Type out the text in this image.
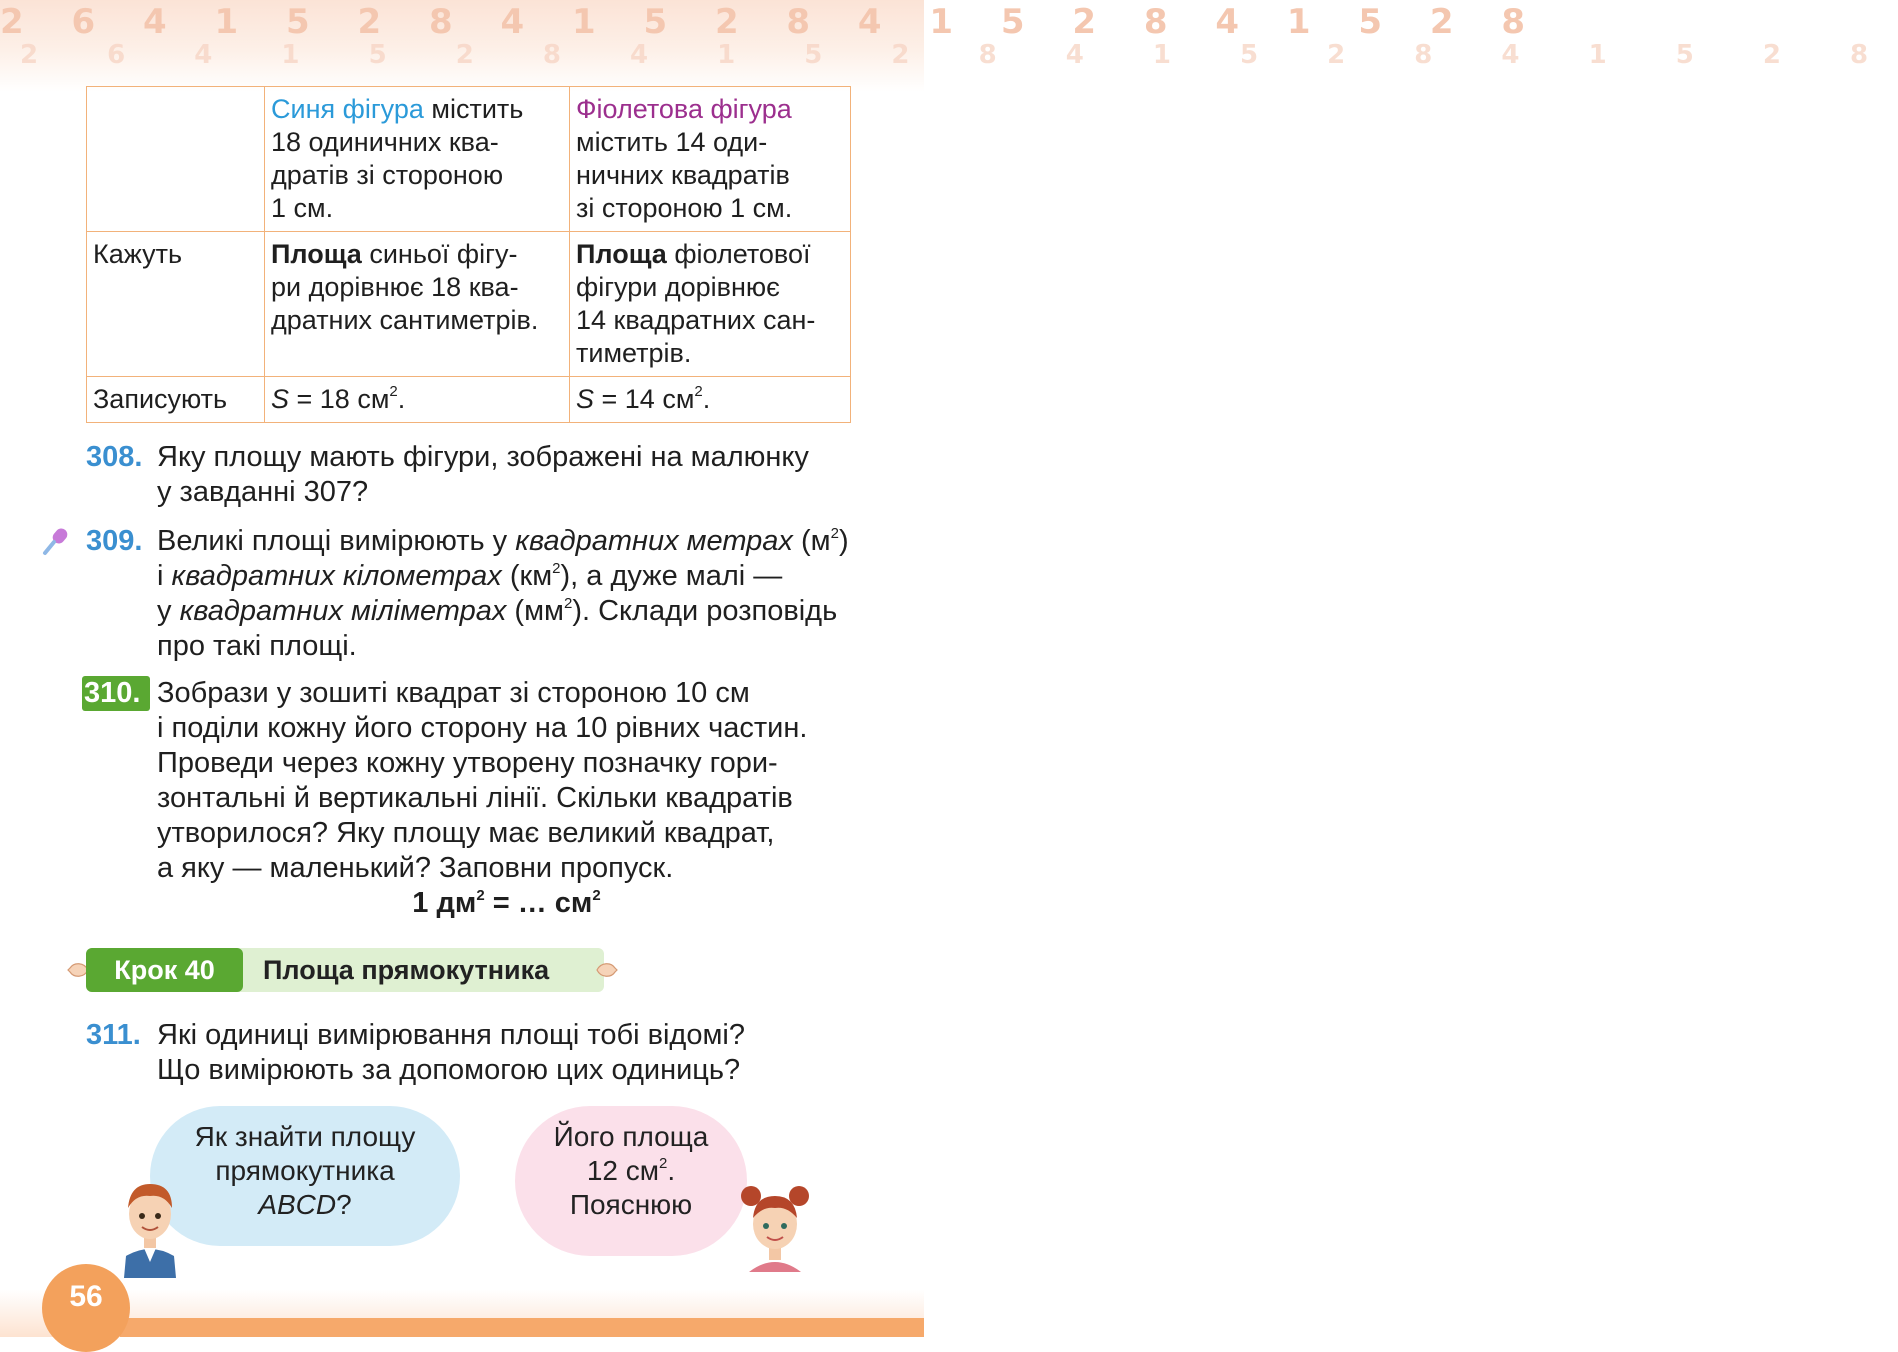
2 6 4 1 5 2 8 4 1 5 2 8 4 1 5 2 8 4 1 5 2 8
2 6 4 1 5 2 8 4 1 5 2 8 4 1 5 2 8 4 1 5 2 8

	Синя фігура містить
18 одиничних ква-
дратів зі стороною
1 см.	Фіолетова фігура
містить 14 оди-
ничних квадратів
зі стороною 1 см.

Кажуть	Площа синьої фігу-
ри дорівнює 18 ква-
дратних сантиметрів.	Площа фіолетової
фігури дорівнює
14 квадратних сан-
тиметрів.

Записують	S = 18 $см^2$.	S = 14 $см^2$.
308. Яку площу мають фігури, зображені на малюнку
у завданні 307?
309. Великі площі вимірюють у квадратних метрах $(м^2)$
і квадратних кілометрах $(км^2)$, а дуже малі —
у квадратних міліметрах $(мм^2)$. Склади розповідь
про такі площі.
310. Зобрази у зошиті квадрат зі стороною 10 см
і поділи кожну його сторону на 10 рівних частин.
Проведи через кожну утворену позначку гори-
зонтальні й вертикальні лінії. Скільки квадратів
утворилося? Яку площу має великий квадрат,
а яку — маленький? Заповни пропуск.
1 $дм^2$ = … $см^2$
Крок 40	Площа прямокутника
311. Які одиниці вимірювання площі тобі відомі?
Що вимірюють за допомогою цих одиниць?
Як знайти площу
прямокутника
ABCD?
Його площа
12 $см^2$.
Пояснюю
56
